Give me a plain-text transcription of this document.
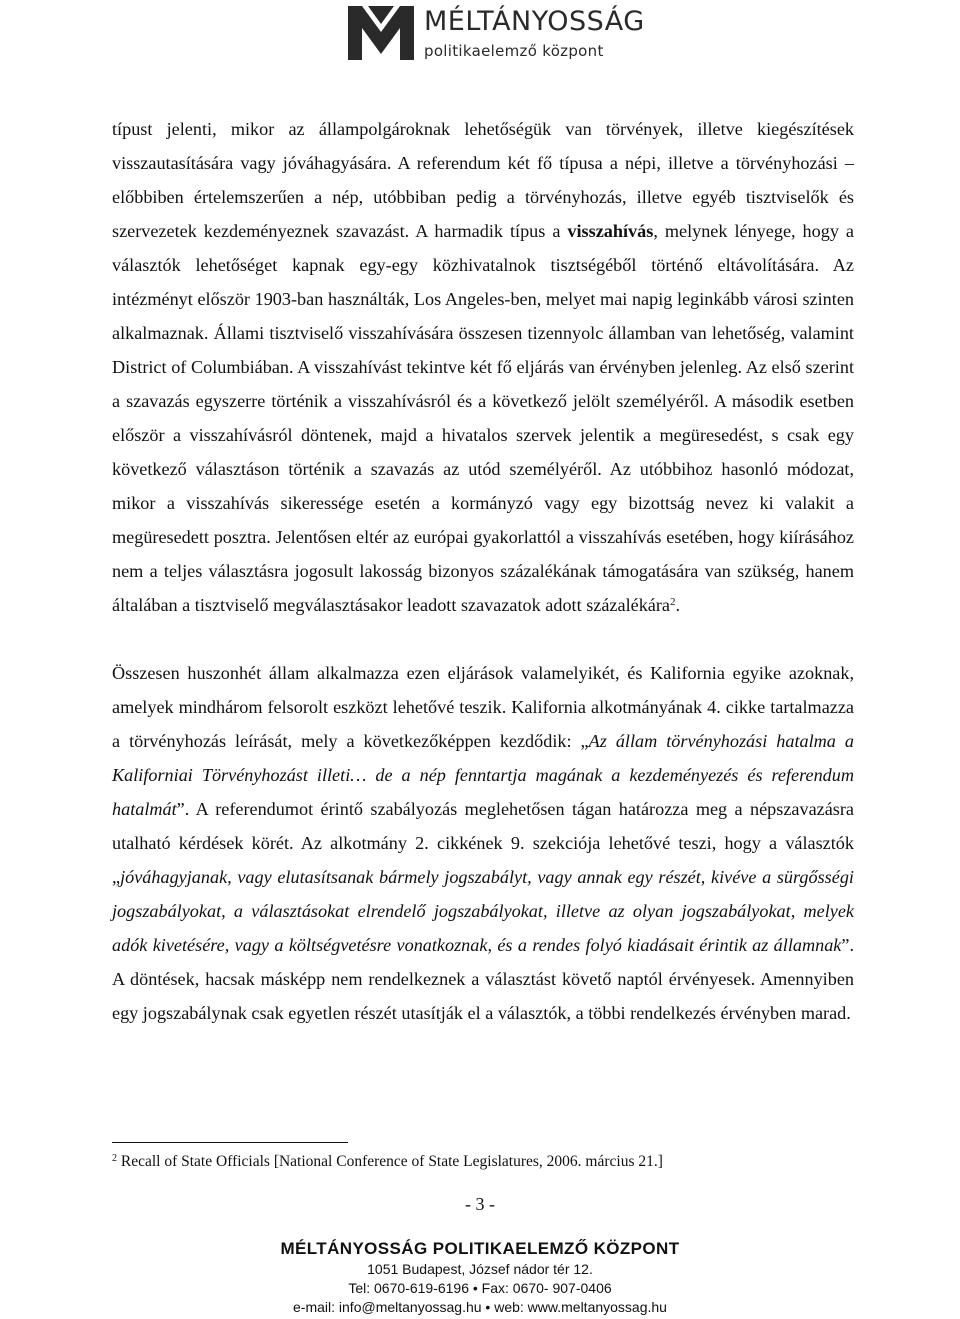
MÉLTÁNYOSSÁG
politikaelemző központ

típust jelenti, mikor az állampolgároknak lehetőségük van törvények, illetve kiegészítések visszautasítására vagy jóváhagyására. A referendum két fő típusa a népi, illetve a törvényhozási – előbbiben értelemszerűen a nép, utóbbiban pedig a törvényhozás, illetve egyéb tisztviselők és szervezetek kezdeményeznek szavazást. A harmadik típus a visszahívás, melynek lényege, hogy a választók lehetőséget kapnak egy-egy közhivatalnok tisztségéből történő eltávolítására. Az intézményt először 1903-ban használták, Los Angeles-ben, melyet mai napig leginkább városi szinten alkalmaznak. Állami tisztviselő visszahívására összesen tizennyolc államban van lehetőség, valamint District of Columbiában. A visszahívást tekintve két fő eljárás van érvényben jelenleg. Az első szerint a szavazás egyszerre történik a visszahívásról és a következő jelölt személyéről. A második esetben először a visszahívásról döntenek, majd a hivatalos szervek jelentik a megüresedést, s csak egy következő választáson történik a szavazás az utód személyéről. Az utóbbihoz hasonló módozat, mikor a visszahívás sikeressége esetén a kormányzó vagy egy bizottság nevez ki valakit a megüresedett posztra. Jelentősen eltér az európai gyakorlattól a visszahívás esetében, hogy kiírásához nem a teljes választásra jogosult lakosság bizonyos százalékának támogatására van szükség, hanem általában a tisztviselő megválasztásakor leadott szavazatok adott százalékára$^2$.

Összesen huszonhét állam alkalmazza ezen eljárások valamelyikét, és Kalifornia egyike azoknak, amelyek mindhárom felsorolt eszközt lehetővé teszik. Kalifornia alkotmányának 4. cikke tartalmazza a törvényhozás leírását, mely a következőképpen kezdődik: „Az állam törvényhozási hatalma a Kaliforniai Törvényhozást illeti… de a nép fenntartja magának a kezdeményezés és referendum hatalmát”. A referendumot érintő szabályozás meglehetősen tágan határozza meg a népszavazásra utalható kérdések körét. Az alkotmány 2. cikkének 9. szekciója lehetővé teszi, hogy a választók „jóváhagyjanak, vagy elutasítsanak bármely jogszabályt, vagy annak egy részét, kivéve a sürgősségi jogszabályokat, a választásokat elrendelő jogszabályokat, illetve az olyan jogszabályokat, melyek adók kivetésére, vagy a költségvetésre vonatkoznak, és a rendes folyó kiadásait érintik az államnak”. A döntések, hacsak másképp nem rendelkeznek a választást követő naptól érvényesek. Amennyiben egy jogszabálynak csak egyetlen részét utasítják el a választók, a többi rendelkezés érvényben marad.

$^2$ Recall of State Officials [National Conference of State Legislatures, 2006. március 21.]
- 3 -
MÉLTÁNYOSSÁG POLITIKAELEMZŐ KÖZPONT
1051 Budapest, József nádor tér 12.
Tel: 0670-619-6196 • Fax: 0670- 907-0406
e-mail: info@meltanyossag.hu • web: www.meltanyossag.hu
